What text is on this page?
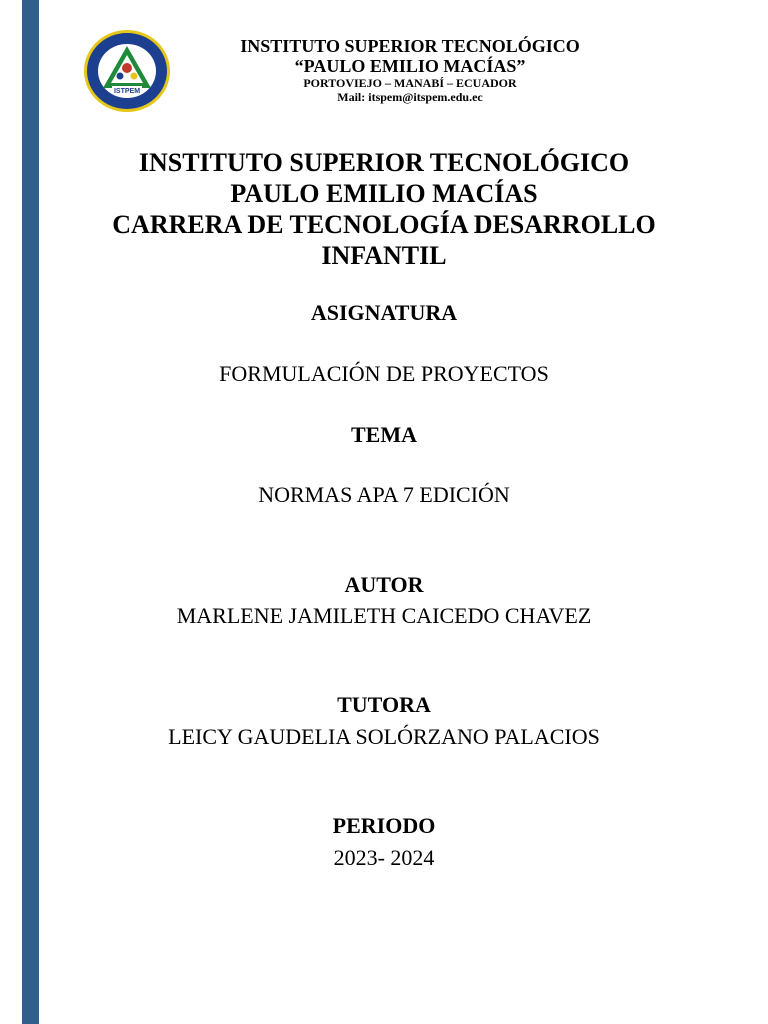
ISTPEM
INSTITUTO SUPERIOR TECNOLÓGICO
“PAULO EMILIO MACÍAS”
PORTOVIEJO – MANABÍ – ECUADOR
Mail: itspem@itspem.edu.ec
INSTITUTO SUPERIOR TECNOLÓGICO
PAULO EMILIO MACÍAS
CARRERA DE TECNOLOGÍA DESARROLLO
INFANTIL
ASIGNATURA
FORMULACIÓN DE PROYECTOS
TEMA
NORMAS APA 7 EDICIÓN
AUTOR
MARLENE JAMILETH CAICEDO CHAVEZ
TUTORA
LEICY GAUDELIA SOLÓRZANO PALACIOS
PERIODO
2023- 2024
